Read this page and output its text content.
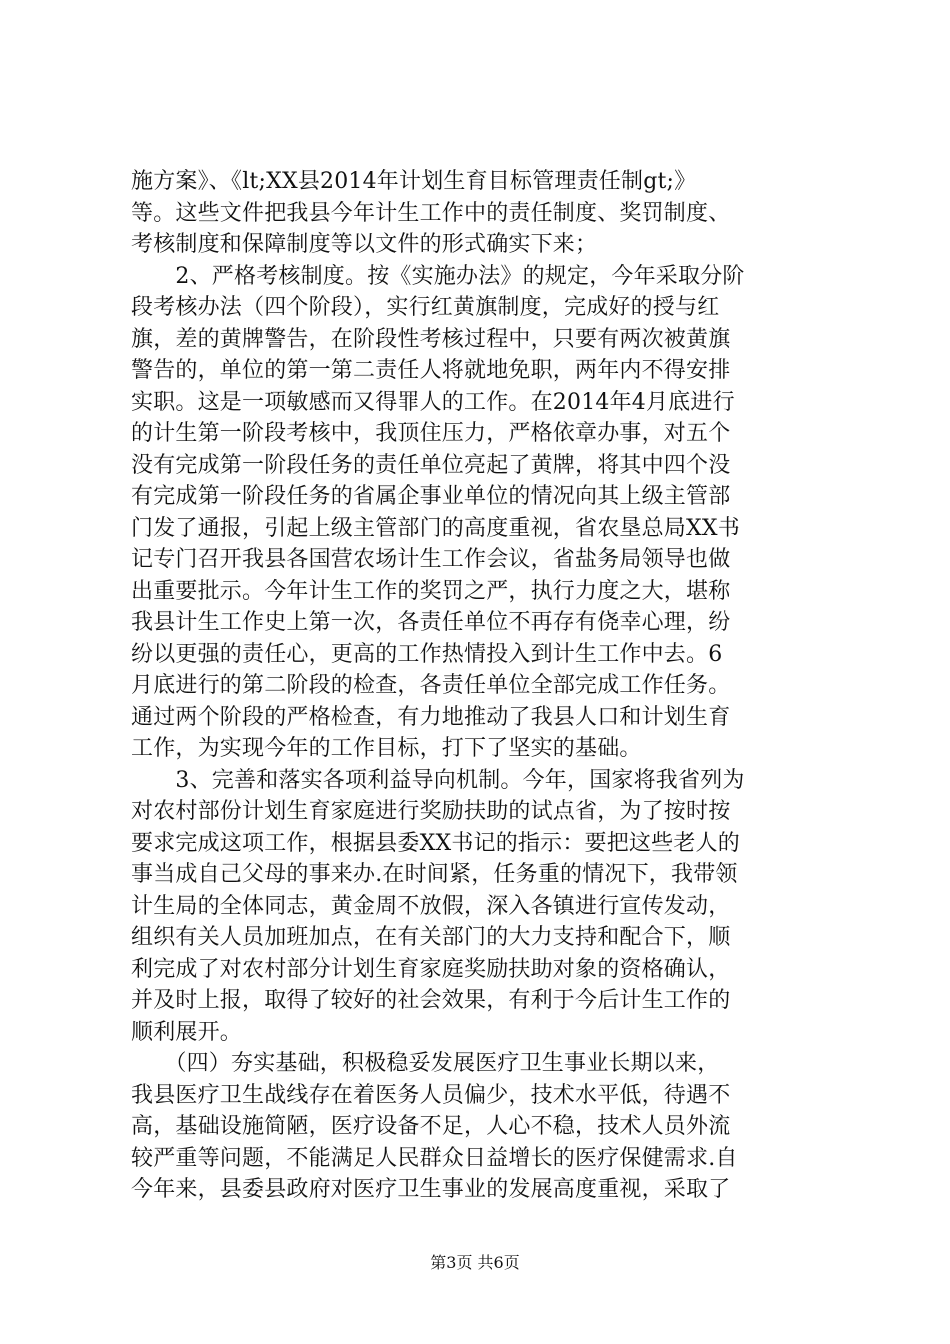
施方案》、《lt;XX县2014年计划生育目标管理责任制gt;》
等。这些文件把我县今年计生工作中的责任制度、奖罚制度、
考核制度和保障制度等以文件的形式确实下来；
　　2、严格考核制度。按《实施办法》的规定，今年采取分阶
段考核办法（四个阶段），实行红黄旗制度，完成好的授与红
旗，差的黄牌警告，在阶段性考核过程中，只要有两次被黄旗
警告的，单位的第一第二责任人将就地免职，两年内不得安排
实职。这是一项敏感而又得罪人的工作。在2014年4月底进行
的计生第一阶段考核中，我顶住压力，严格依章办事，对五个
没有完成第一阶段任务的责任单位亮起了黄牌，将其中四个没
有完成第一阶段任务的省属企事业单位的情况向其上级主管部
门发了通报，引起上级主管部门的高度重视，省农垦总局XX书
记专门召开我县各国营农场计生工作会议，省盐务局领导也做
出重要批示。今年计生工作的奖罚之严，执行力度之大，堪称
我县计生工作史上第一次，各责任单位不再存有侥幸心理，纷
纷以更强的责任心，更高的工作热情投入到计生工作中去。6
月底进行的第二阶段的检查，各责任单位全部完成工作任务。
通过两个阶段的严格检查，有力地推动了我县人口和计划生育
工作，为实现今年的工作目标，打下了坚实的基础。
　　3、完善和落实各项利益导向机制。今年，国家将我省列为
对农村部份计划生育家庭进行奖励扶助的试点省，为了按时按
要求完成这项工作，根据县委XX书记的指示：要把这些老人的
事当成自己父母的事来办.在时间紧，任务重的情况下，我带领
计生局的全体同志，黄金周不放假，深入各镇进行宣传发动，
组织有关人员加班加点，在有关部门的大力支持和配合下，顺
利完成了对农村部分计划生育家庭奖励扶助对象的资格确认，
并及时上报，取得了较好的社会效果，有利于今后计生工作的
顺利展开。
　　（四）夯实基础，积极稳妥发展医疗卫生事业长期以来，
我县医疗卫生战线存在着医务人员偏少，技术水平低，待遇不
高，基础设施简陋，医疗设备不足，人心不稳，技术人员外流
较严重等问题，不能满足人民群众日益增长的医疗保健需求.自
今年来，县委县政府对医疗卫生事业的发展高度重视，采取了
第3页 共6页
